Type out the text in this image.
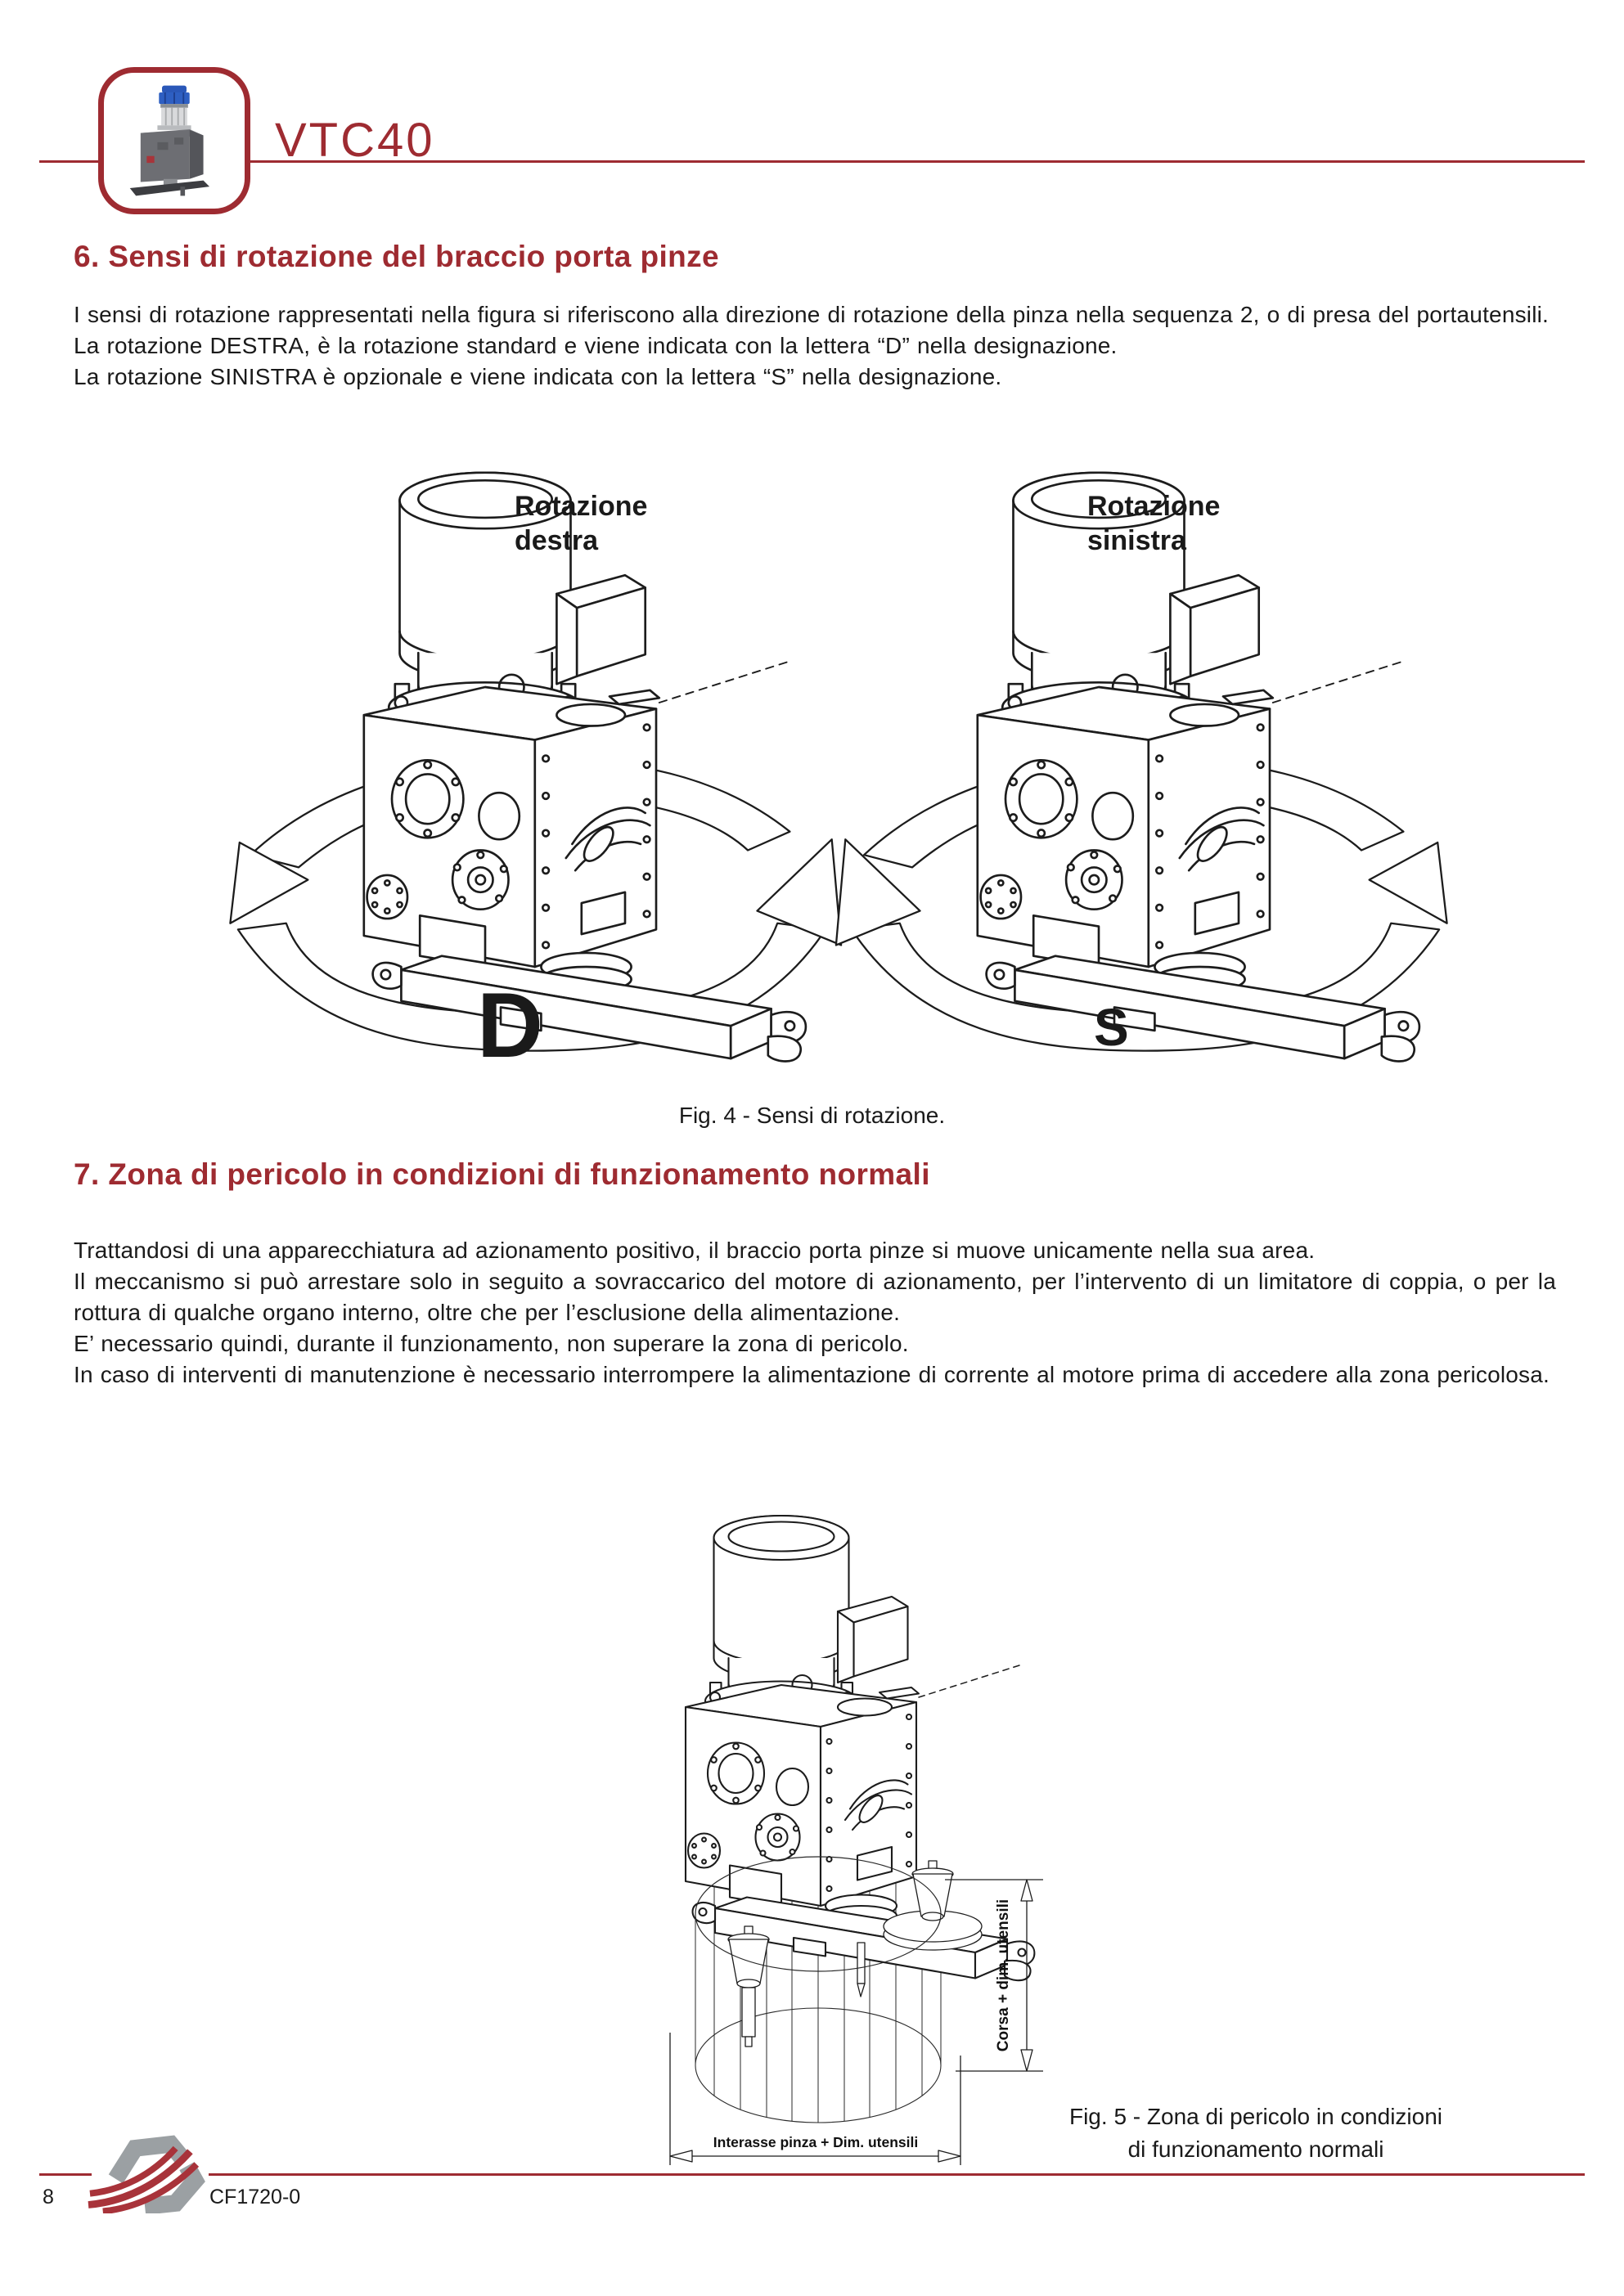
VTC40
6. Sensi di rotazione del braccio porta pinze

I sensi di rotazione rappresentati nella figura si riferiscono alla direzione di rotazione della pinza nella sequenza 2, o di presa del portautensili.

La rotazione DESTRA, è la rotazione standard e viene indicata con la lettera “D” nella designazione.

La rotazione SINISTRA è opzionale e viene indicata con la lettera “S” nella designazione.

Rotazione destra
Rotazione sinistra
D	S
Fig. 4 - Sensi di rotazione.
7. Zona di pericolo in condizioni di funzionamento normali

Trattandosi di una apparecchiatura ad azionamento positivo, il braccio porta pinze si muove unicamente nella sua area.

Il meccanismo si può arrestare solo in seguito a sovraccarico del motore di azionamento, per l’intervento di un limitatore di coppia, o per la rottura di qualche organo interno, oltre che per l’esclusione della alimentazione.

E’ necessario quindi, durante il funzionamento, non superare la zona di pericolo.

In caso di interventi di manutenzione è necessario interrompere la alimentazione di corrente al motore prima di accedere alla zona pericolosa.

Corsa + dim. utensili
Interasse pinza + Dim. utensili
Fig. 5 - Zona di pericolo in condizioni
di funzionamento normali
8	CF1720-0
